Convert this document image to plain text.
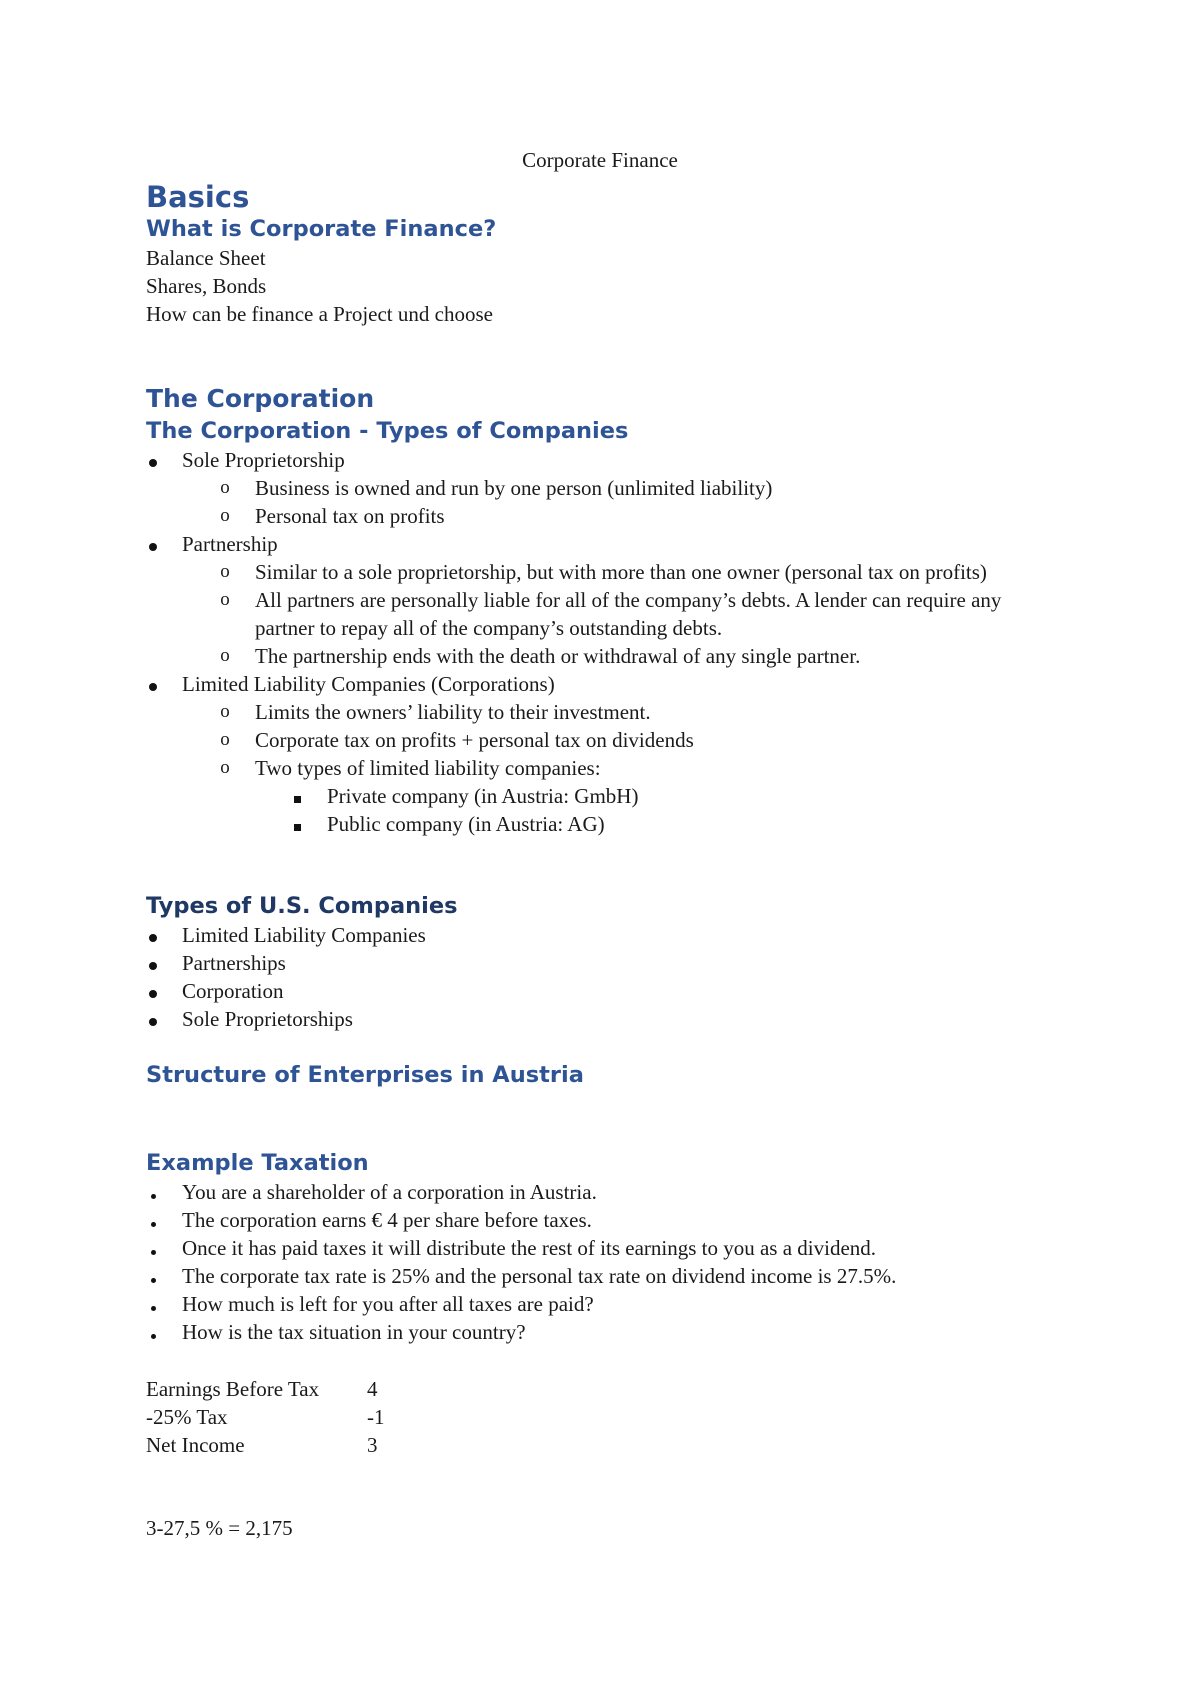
Corporate Finance
Basics
What is Corporate Finance?

Balance Sheet

Shares, Bonds

How can be finance a Project und choose

The Corporation
The Corporation - Types of Companies
Sole Proprietorship
o Business is owned and run by one person (unlimited liability)
o Personal tax on profits
Partnership
o Similar to a sole proprietorship, but with more than one owner (personal tax on profits)
o All partners are personally liable for all of the company’s debts. A lender can require any partner to repay all of the company’s outstanding debts.
o The partnership ends with the death or withdrawal of any single partner.
Limited Liability Companies (Corporations)
o Limits the owners’ liability to their investment.
o Corporate tax on profits + personal tax on dividends
o Two types of limited liability companies:
Private company (in Austria: GmbH)
Public company (in Austria: AG)
Types of U.S. Companies
Limited Liability Companies
Partnerships
Corporation
Sole Proprietorships
Structure of Enterprises in Austria
Example Taxation
You are a shareholder of a corporation in Austria.
The corporation earns € 4 per share before taxes.
Once it has paid taxes it will distribute the rest of its earnings to you as a dividend.
The corporate tax rate is 25% and the personal tax rate on dividend income is 27.5%.
How much is left for you after all taxes are paid?
How is the tax situation in your country?
Earnings Before Tax	4
-25% Tax	-1
Net Income	3

3-27,5 % = 2,175
